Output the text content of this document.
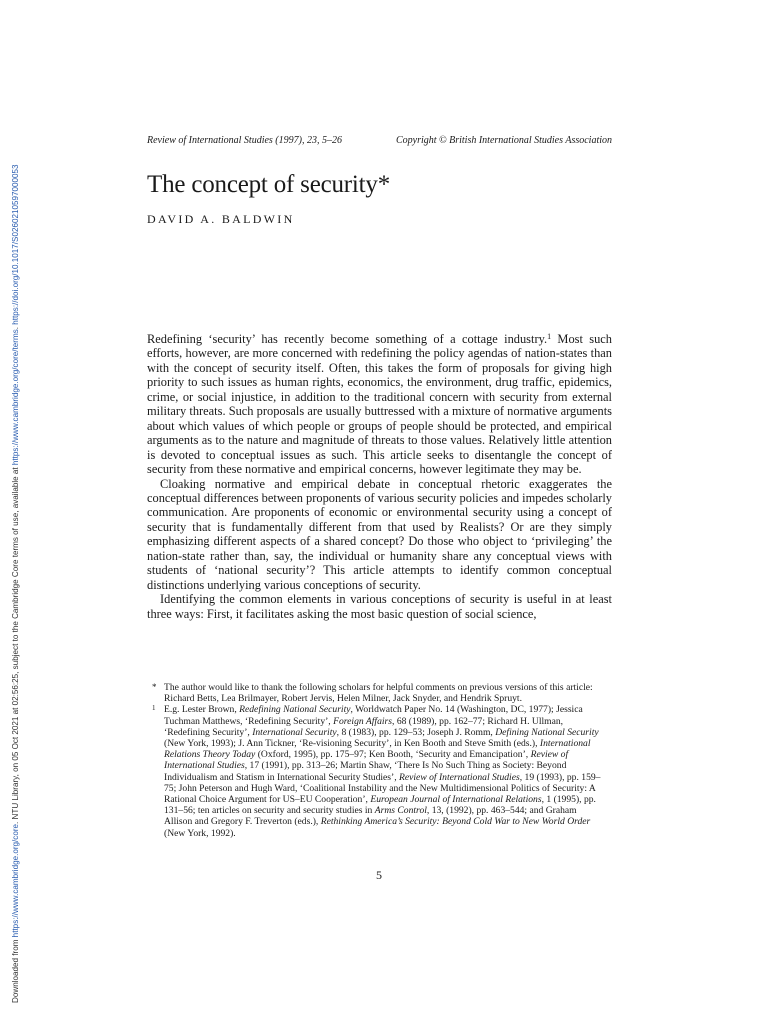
Downloaded from https://www.cambridge.org/core. NTU Library, on 05 Oct 2021 at 02:56:25, subject to the Cambridge Core terms of use, available at https://www.cambridge.org/core/terms. https://doi.org/10.1017/S0260210597000053
Review of International Studies (1997), 23, 5–26	Copyright © British International Studies Association
The concept of security*
DAVID A. BALDWIN

Redefining ‘security’ has recently become something of a cottage industry.$^1$ Most such efforts, however, are more concerned with redefining the policy agendas of nation-states than with the concept of security itself. Often, this takes the form of proposals for giving high priority to such issues as human rights, economics, the environment, drug traffic, epidemics, crime, or social injustice, in addition to the traditional concern with security from external military threats. Such proposals are usually buttressed with a mixture of normative arguments about which values of which people or groups of people should be protected, and empirical arguments as to the nature and magnitude of threats to those values. Relatively little attention is devoted to conceptual issues as such. This article seeks to disentangle the concept of security from these normative and empirical concerns, however legitimate they may be.

Cloaking normative and empirical debate in conceptual rhetoric exaggerates the conceptual differences between proponents of various security policies and impedes scholarly communication. Are proponents of economic or environmental security using a concept of security that is fundamentally different from that used by Realists? Or are they simply emphasizing different aspects of a shared concept? Do those who object to ‘privileging’ the nation-state rather than, say, the individual or humanity share any conceptual views with students of ‘national security’? This article attempts to identify common conceptual distinctions underlying various conceptions of security.

Identifying the common elements in various conceptions of security is useful in at least three ways: First, it facilitates asking the most basic question of social science,

* The author would like to thank the following scholars for helpful comments on previous versions of this article: Richard Betts, Lea Brilmayer, Robert Jervis, Helen Milner, Jack Snyder, and Hendrik Spruyt.

1 E.g. Lester Brown, Redefining National Security, Worldwatch Paper No. 14 (Washington, DC, 1977); Jessica Tuchman Matthews, ‘Redefining Security’, Foreign Affairs, 68 (1989), pp. 162–77; Richard H. Ullman, ‘Redefining Security’, International Security, 8 (1983), pp. 129–53; Joseph J. Romm, Defining National Security (New York, 1993); J. Ann Tickner, ‘Re-visioning Security’, in Ken Booth and Steve Smith (eds.), International Relations Theory Today (Oxford, 1995), pp. 175–97; Ken Booth, ‘Security and Emancipation’, Review of International Studies, 17 (1991), pp. 313–26; Martin Shaw, ‘There Is No Such Thing as Society: Beyond Individualism and Statism in International Security Studies’, Review of International Studies, 19 (1993), pp. 159–75; John Peterson and Hugh Ward, ‘Coalitional Instability and the New Multidimensional Politics of Security: A Rational Choice Argument for US–EU Cooperation’, European Journal of International Relations, 1 (1995), pp. 131–56; ten articles on security and security studies in Arms Control, 13, (1992), pp. 463–544; and Graham Allison and Gregory F. Treverton (eds.), Rethinking America’s Security: Beyond Cold War to New World Order (New York, 1992).

5
